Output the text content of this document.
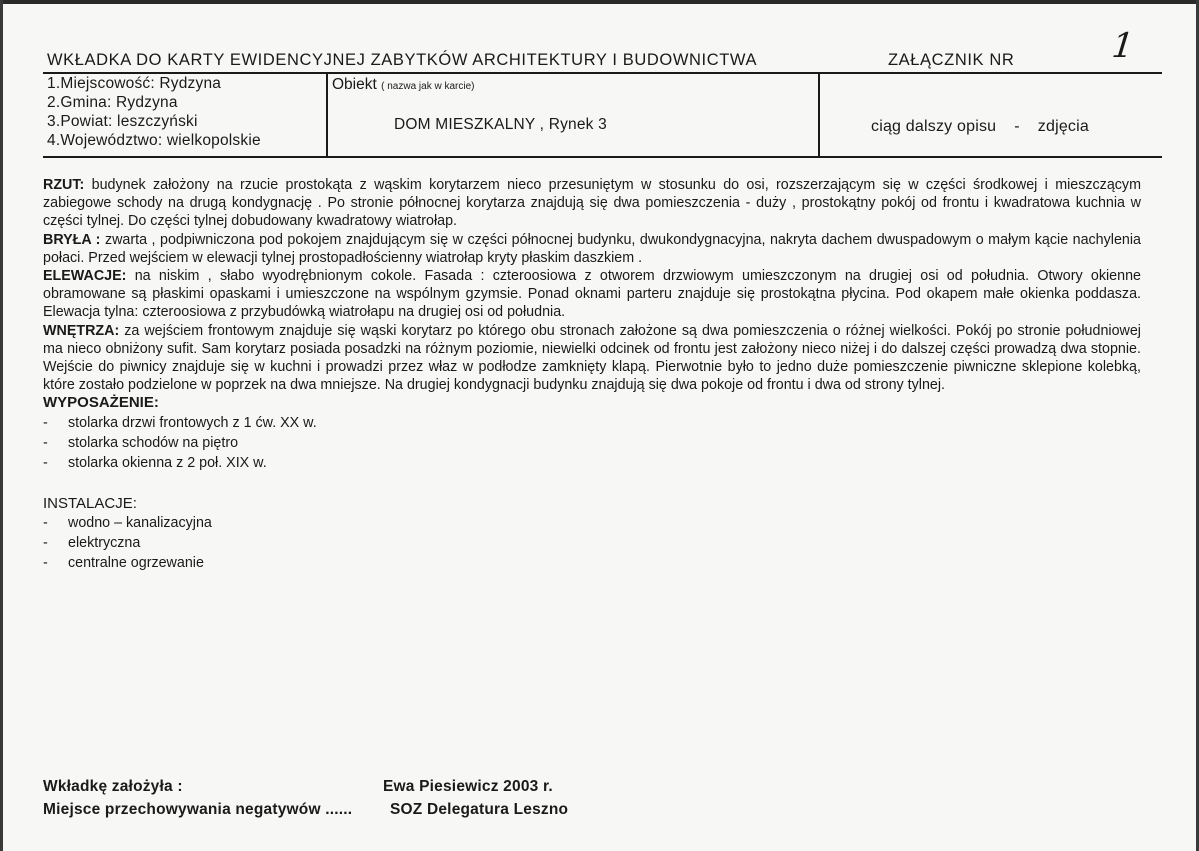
WKŁADKA DO KARTY EWIDENCYJNEJ ZABYTKÓW ARCHITEKTURY I BUDOWNICTWA	ZAŁĄCZNIK NR	1
1.Miejscowość: Rydzyna
2.Gmina: Rydzyna
3.Powiat: leszczyński
4.Województwo: wielkopolskie
Obiekt ( nazwa jak w karcie)
DOM MIESZKALNY , Rynek 3	ciąg dalszy opisu - zdjęcia

RZUT: budynek założony na rzucie prostokąta z wąskim korytarzem nieco przesuniętym w stosunku do osi, rozszerzającym się w części środkowej i mieszczącym zabiegowe schody na drugą kondygnację . Po stronie północnej korytarza znajdują się dwa pomieszczenia - duży , prostokątny pokój od frontu i kwadratowa kuchnia w części tylnej. Do części tylnej dobudowany kwadratowy wiatrołap.

BRYŁA : zwarta , podpiwniczona pod pokojem znajdującym się w części północnej budynku, dwukondygnacyjna, nakryta dachem dwuspadowym o małym kącie nachylenia połaci. Przed wejściem w elewacji tylnej prostopadłościenny wiatrołap kryty płaskim daszkiem .

ELEWACJE: na niskim , słabo wyodrębnionym cokole. Fasada : czteroosiowa z otworem drzwiowym umieszczonym na drugiej osi od południa. Otwory okienne obramowane są płaskimi opaskami i umieszczone na wspólnym gzymsie. Ponad oknami parteru znajduje się prostokątna płycina. Pod okapem małe okienka poddasza. Elewacja tylna: czteroosiowa z przybudówką wiatrołapu na drugiej osi od południa.

WNĘTRZA: za wejściem frontowym znajduje się wąski korytarz po którego obu stronach założone są dwa pomieszczenia o różnej wielkości. Pokój po stronie południowej ma nieco obniżony sufit. Sam korytarz posiada posadzki na różnym poziomie, niewielki odcinek od frontu jest założony nieco niżej i do dalszej części prowadzą dwa stopnie. Wejście do piwnicy znajduje się w kuchni i prowadzi przez właz w podłodze zamknięty klapą. Pierwotnie było to jedno duże pomieszczenie piwniczne sklepione kolebką, które zostało podzielone w poprzek na dwa mniejsze. Na drugiej kondygnacji budynku znajdują się dwa pokoje od frontu i dwa od strony tylnej.

WYPOSAŻENIE:

-	stolarka drzwi frontowych z 1 ćw. XX w.
-	stolarka schodów na piętro
-	stolarka okienna z 2 poł. XIX w.

INSTALACJE:

-	wodno – kanalizacyjna
-	elektryczna
-	centralne ogrzewanie
Wkładkę założyła :	Ewa Piesiewicz 2003 r.
Miejsce przechowywania negatywów ...... SOZ Delegatura Leszno
